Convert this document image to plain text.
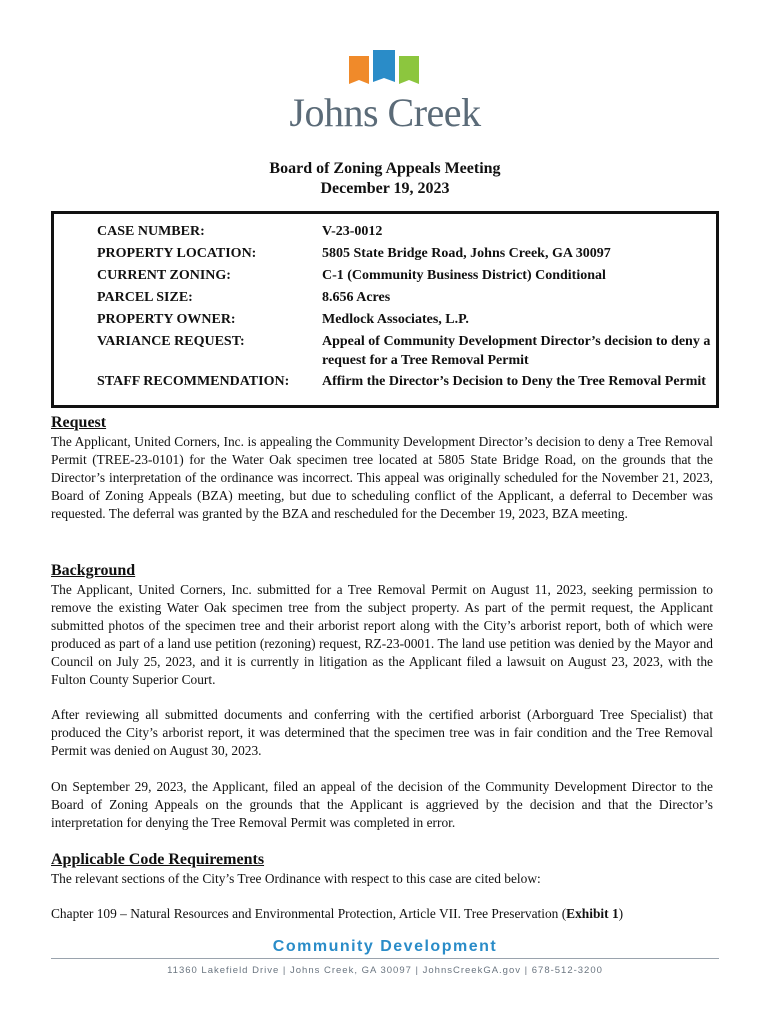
Johns Creek
Board of Zoning Appeals Meeting
December 19, 2023
CASE NUMBER:	V-23-0012
PROPERTY LOCATION:	5805 State Bridge Road, Johns Creek, GA 30097
CURRENT ZONING:	C-1 (Community Business District) Conditional
PARCEL SIZE:	8.656 Acres
PROPERTY OWNER:	Medlock Associates, L.P.
VARIANCE REQUEST:	Appeal of Community Development Director’s decision to deny a request for a Tree Removal Permit
STAFF RECOMMENDATION:	Affirm the Director’s Decision to Deny the Tree Removal Permit
Request
The Applicant, United Corners, Inc. is appealing the Community Development Director’s decision to deny a Tree Removal Permit (TREE-23-0101) for the Water Oak specimen tree located at 5805 State Bridge Road, on the grounds that the Director’s interpretation of the ordinance was incorrect. This appeal was originally scheduled for the November 21, 2023, Board of Zoning Appeals (BZA) meeting, but due to scheduling conflict of the Applicant, a deferral to December was requested. The deferral was granted by the BZA and rescheduled for the December 19, 2023, BZA meeting.
Background
The Applicant, United Corners, Inc. submitted for a Tree Removal Permit on August 11, 2023, seeking permission to remove the existing Water Oak specimen tree from the subject property. As part of the permit request, the Applicant submitted photos of the specimen tree and their arborist report along with the City’s arborist report, both of which were produced as part of a land use petition (rezoning) request, RZ-23-0001. The land use petition was denied by the Mayor and Council on July 25, 2023, and it is currently in litigation as the Applicant filed a lawsuit on August 23, 2023, with the Fulton County Superior Court.
After reviewing all submitted documents and conferring with the certified arborist (Arborguard Tree Specialist) that produced the City’s arborist report, it was determined that the specimen tree was in fair condition and the Tree Removal Permit was denied on August 30, 2023.
On September 29, 2023, the Applicant, filed an appeal of the decision of the Community Development Director to the Board of Zoning Appeals on the grounds that the Applicant is aggrieved by the decision and that the Director’s interpretation for denying the Tree Removal Permit was completed in error.
Applicable Code Requirements
The relevant sections of the City’s Tree Ordinance with respect to this case are cited below:
Chapter 109 – Natural Resources and Environmental Protection, Article VII. Tree Preservation (Exhibit 1)
Community Development
11360 Lakefield Drive | Johns Creek, GA 30097 | JohnsCreekGA.gov | 678-512-3200
